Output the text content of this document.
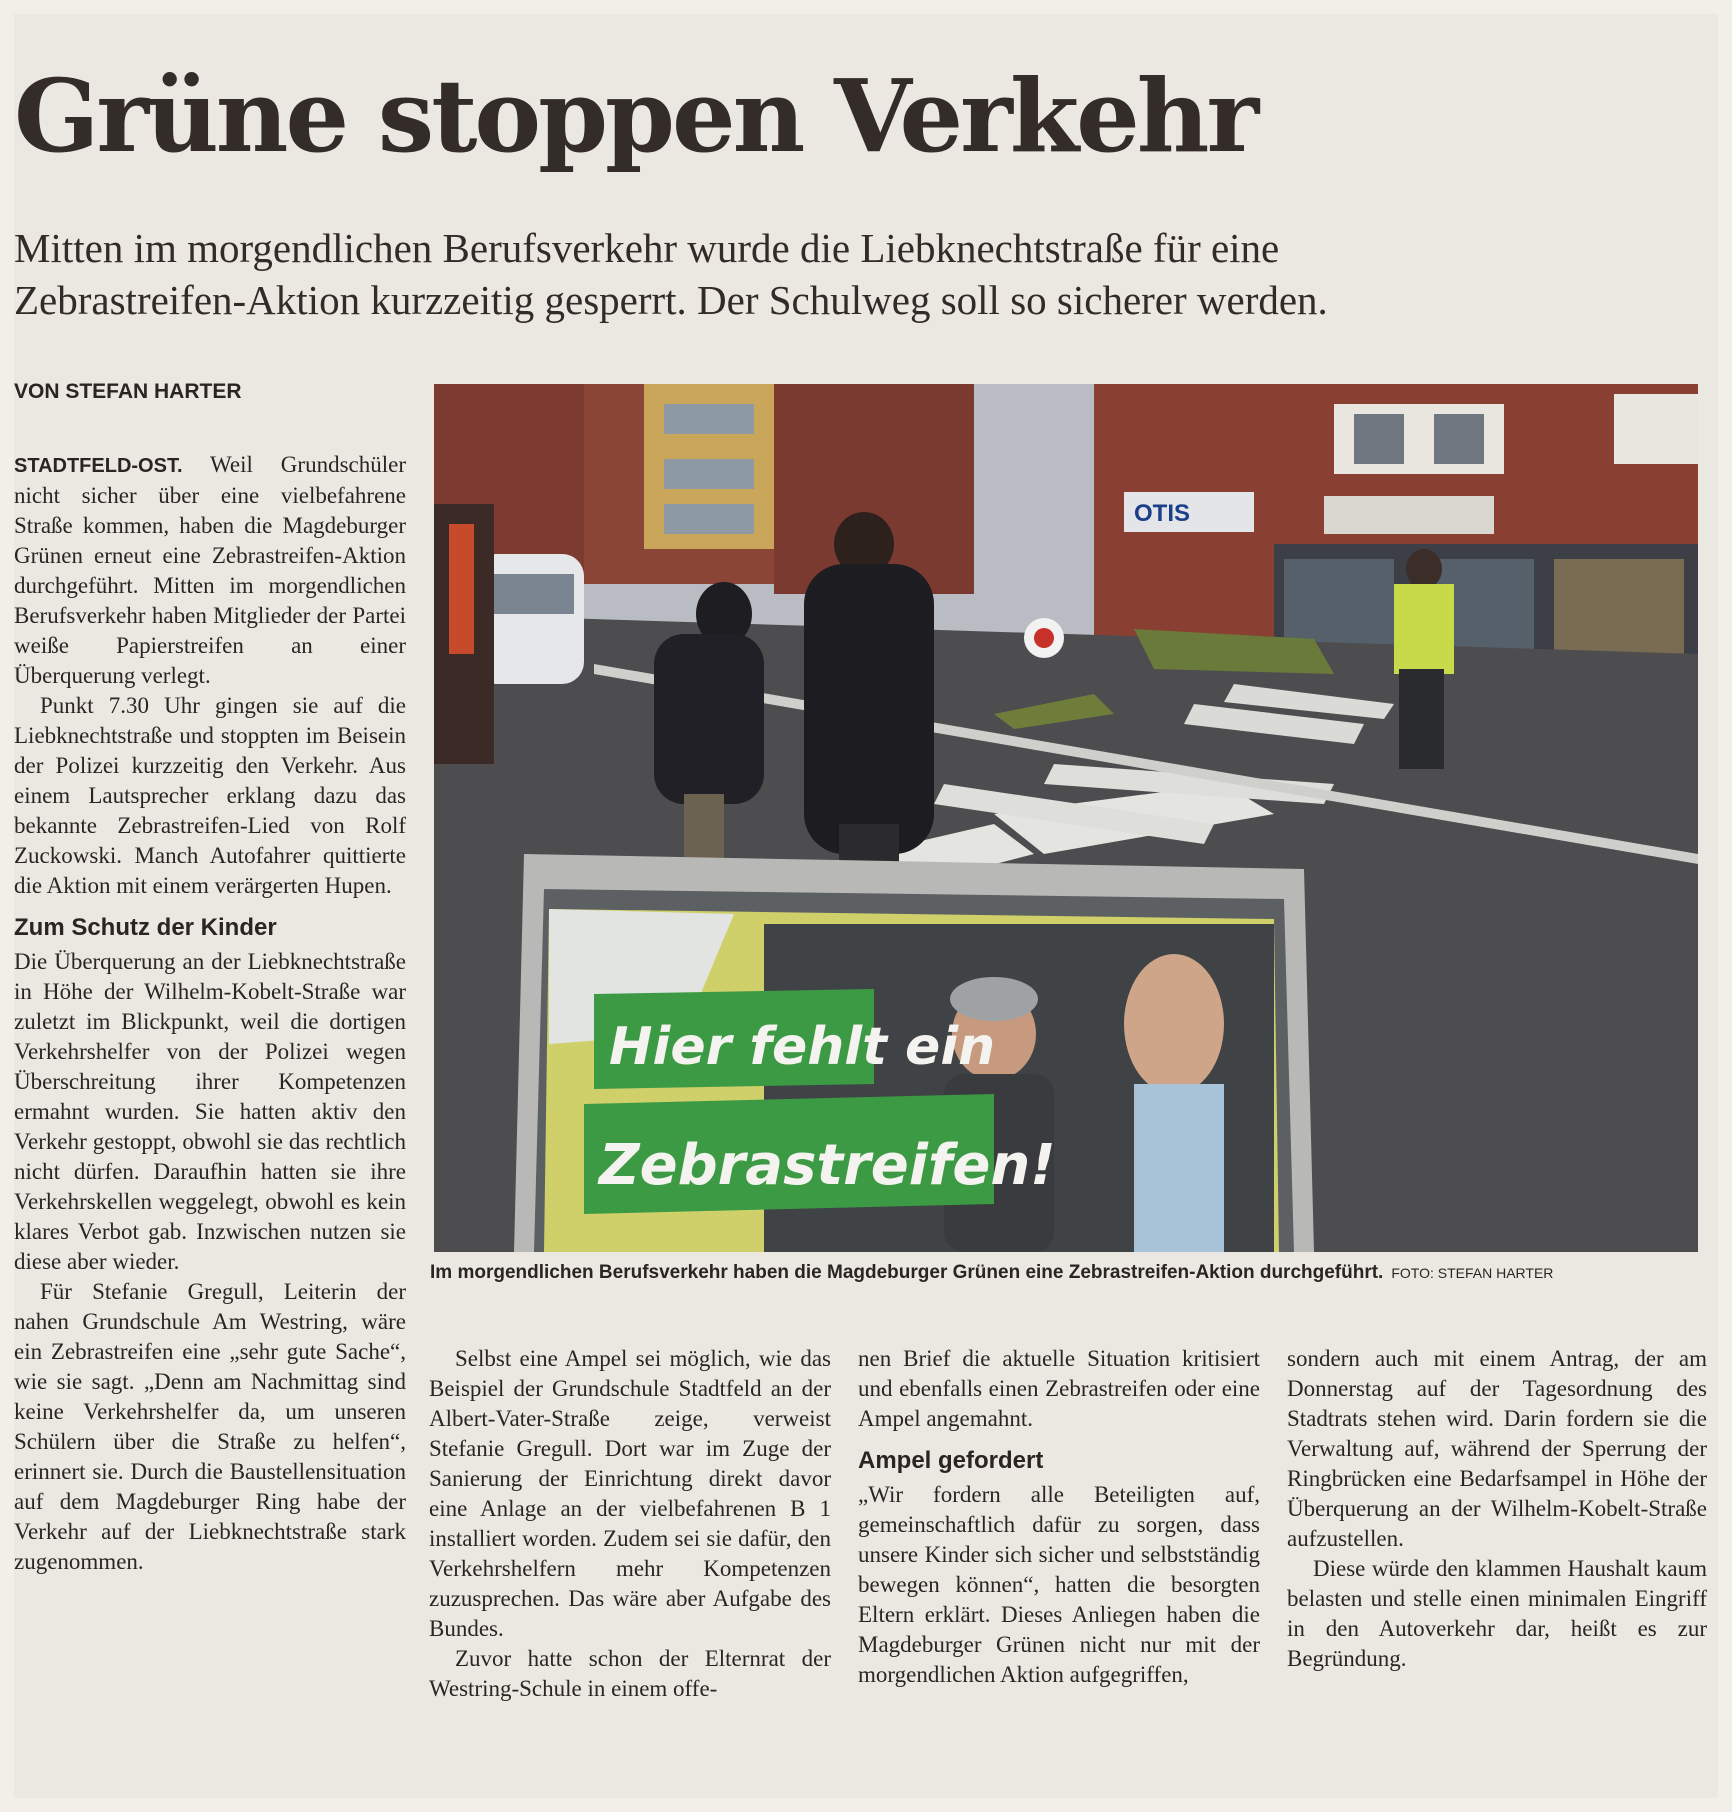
Grüne stoppen Verkehr

Mitten im morgendlichen Berufsverkehr wurde die Liebknechtstraße für eine Zebrastreifen-Aktion kurzzeitig gesperrt. Der Schulweg soll so sicherer werden.

VON STEFAN HARTER

STADTFELD-OST. Weil Grundschüler nicht sicher über eine vielbefahrene Straße kommen, haben die Magdeburger Grünen erneut eine Zebrastreifen-Aktion durchgeführt. Mitten im morgendlichen Berufsverkehr haben Mitglieder der Partei weiße Papierstreifen an einer Überquerung verlegt.

Punkt 7.30 Uhr gingen sie auf die Liebknechtstraße und stoppten im Beisein der Polizei kurzzeitig den Verkehr. Aus einem Lautsprecher erklang dazu das bekannte Zebrastreifen-Lied von Rolf Zuckowski. Manch Autofahrer quittierte die Aktion mit einem verärgerten Hupen.

Zum Schutz der Kinder

Die Überquerung an der Liebknechtstraße in Höhe der Wilhelm-Kobelt-Straße war zuletzt im Blickpunkt, weil die dortigen Verkehrshelfer von der Polizei wegen Überschreitung ihrer Kompetenzen ermahnt wurden. Sie hatten aktiv den Verkehr gestoppt, obwohl sie das rechtlich nicht dürfen. Daraufhin hatten sie ihre Verkehrskellen weggelegt, obwohl es kein klares Verbot gab. Inzwischen nutzen sie diese aber wieder.

Für Stefanie Gregull, Leiterin der nahen Grundschule Am Westring, wäre ein Zebrastreifen eine „sehr gute Sache“, wie sie sagt. „Denn am Nachmittag sind keine Verkehrshelfer da, um unseren Schülern über die Straße zu helfen“, erinnert sie. Durch die Baustellensituation auf dem Magdeburger Ring habe der Verkehr auf der Liebknechtstraße stark zugenommen.

OTIS
Hier fehlt ein
Zebrastreifen!
Im morgendlichen Berufsverkehr haben die Magdeburger Grünen eine Zebrastreifen-Aktion durchgeführt. FOTO: STEFAN HARTER

Selbst eine Ampel sei möglich, wie das Beispiel der Grundschule Stadtfeld an der Albert-Vater-Straße zeige, verweist Stefanie Gregull. Dort war im Zuge der Sanierung der Einrichtung direkt davor eine Anlage an der vielbefahrenen B 1 installiert worden. Zudem sei sie dafür, den Verkehrshelfern mehr Kompetenzen zuzusprechen. Das wäre aber Aufgabe des Bundes.

Zuvor hatte schon der Elternrat der Westring-Schule in einem offe-

nen Brief die aktuelle Situation kritisiert und ebenfalls einen Zebrastreifen oder eine Ampel angemahnt.

Ampel gefordert

„Wir fordern alle Beteiligten auf, gemeinschaftlich dafür zu sorgen, dass unsere Kinder sich sicher und selbstständig bewegen können“, hatten die besorgten Eltern erklärt. Dieses Anliegen haben die Magdeburger Grünen nicht nur mit der morgendlichen Aktion aufgegriffen,

sondern auch mit einem Antrag, der am Donnerstag auf der Tagesordnung des Stadtrats stehen wird. Darin fordern sie die Verwaltung auf, während der Sperrung der Ringbrücken eine Bedarfsampel in Höhe der Überquerung an der Wilhelm-Kobelt-Straße aufzustellen.

Diese würde den klammen Haushalt kaum belasten und stelle einen minimalen Eingriff in den Autoverkehr dar, heißt es zur Begründung.
